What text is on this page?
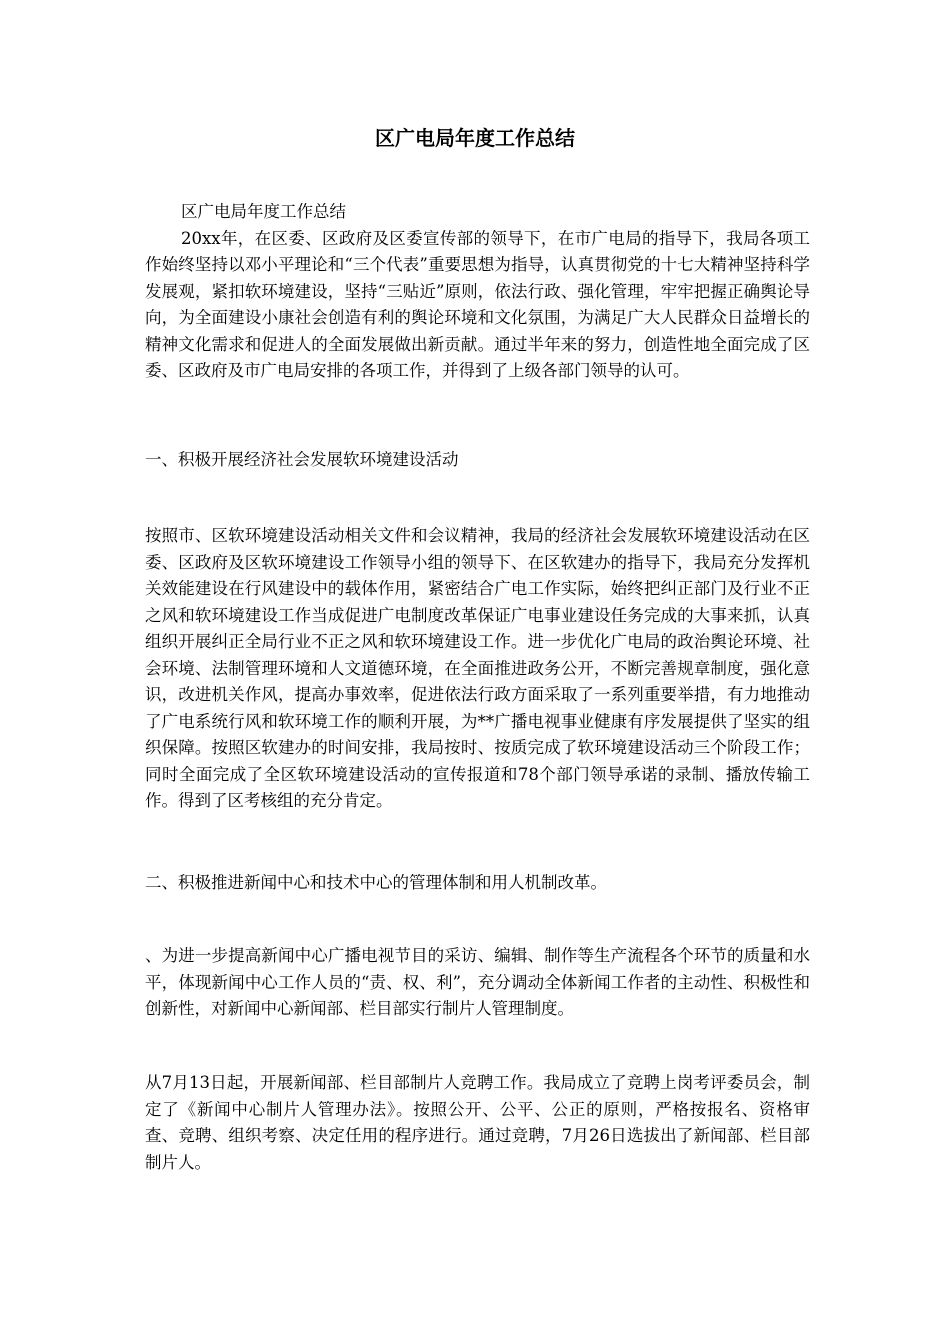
区广电局年度工作总结

区广电局年度工作总结

20xx年，在区委、区政府及区委宣传部的领导下，在市广电局的指导下，我局各项工作始终坚持以邓小平理论和“三个代表”重要思想为指导，认真贯彻党的十七大精神坚持科学发展观，紧扣软环境建设，坚持“三贴近”原则，依法行政、强化管理，牢牢把握正确舆论导向，为全面建设小康社会创造有利的舆论环境和文化氛围，为满足广大人民群众日益增长的精神文化需求和促进人的全面发展做出新贡献。通过半年来的努力，创造性地全面完成了区委、区政府及市广电局安排的各项工作，并得到了上级各部门领导的认可。

一、积极开展经济社会发展软环境建设活动
按照市、区软环境建设活动相关文件和会议精神，我局的经济社会发展软环境建设活动在区委、区政府及区软环境建设工作领导小组的领导下、在区软建办的指导下，我局充分发挥机关效能建设在行风建设中的载体作用，紧密结合广电工作实际，始终把纠正部门及行业不正之风和软环境建设工作当成促进广电制度改革保证广电事业建设任务完成的大事来抓，认真组织开展纠正全局行业不正之风和软环境建设工作。进一步优化广电局的政治舆论环境、社会环境、法制管理环境和人文道德环境，在全面推进政务公开，不断完善规章制度，强化意识，改进机关作风，提高办事效率，促进依法行政方面采取了一系列重要举措，有力地推动了广电系统行风和软环境工作的顺利开展，为**广播电视事业健康有序发展提供了坚实的组织保障。按照区软建办的时间安排，我局按时、按质完成了软环境建设活动三个阶段工作；同时全面完成了全区软环境建设活动的宣传报道和78个部门领导承诺的录制、播放传输工作。得到了区考核组的充分肯定。
二、积极推进新闻中心和技术中心的管理体制和用人机制改革。
、为进一步提高新闻中心广播电视节目的采访、编辑、制作等生产流程各个环节的质量和水平，体现新闻中心工作人员的“责、权、利”，充分调动全体新闻工作者的主动性、积极性和创新性，对新闻中心新闻部、栏目部实行制片人管理制度。
从7月13日起，开展新闻部、栏目部制片人竞聘工作。我局成立了竞聘上岗考评委员会，制定了《新闻中心制片人管理办法》。按照公开、公平、公正的原则，严格按报名、资格审查、竞聘、组织考察、决定任用的程序进行。通过竞聘，7月26日选拔出了新闻部、栏目部制片人。
